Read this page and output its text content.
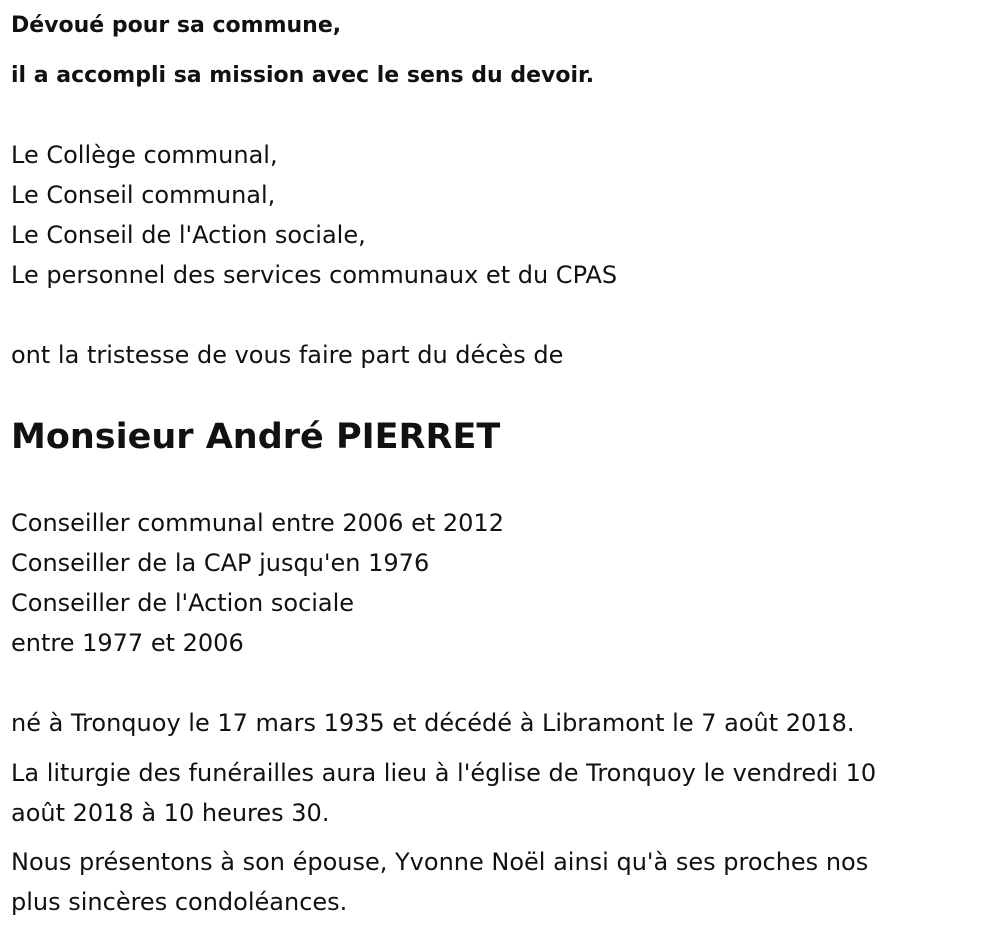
Dévoué pour sa commune,
il a accompli sa mission avec le sens du devoir.
Le Collège communal,
Le Conseil communal,
Le Conseil de l'Action sociale,
Le personnel des services communaux et du CPAS
ont la tristesse de vous faire part du décès de
Monsieur André PIERRET
Conseiller communal entre 2006 et 2012
Conseiller de la CAP jusqu'en 1976
Conseiller de l'Action sociale
entre 1977 et 2006
né à Tronquoy le 17 mars 1935 et décédé à Libramont le 7 août 2018.
La liturgie des funérailles aura lieu à l'église de Tronquoy le vendredi 10
août 2018 à 10 heures 30.
Nous présentons à son épouse, Yvonne Noël ainsi qu'à ses proches nos
plus sincères condoléances.
